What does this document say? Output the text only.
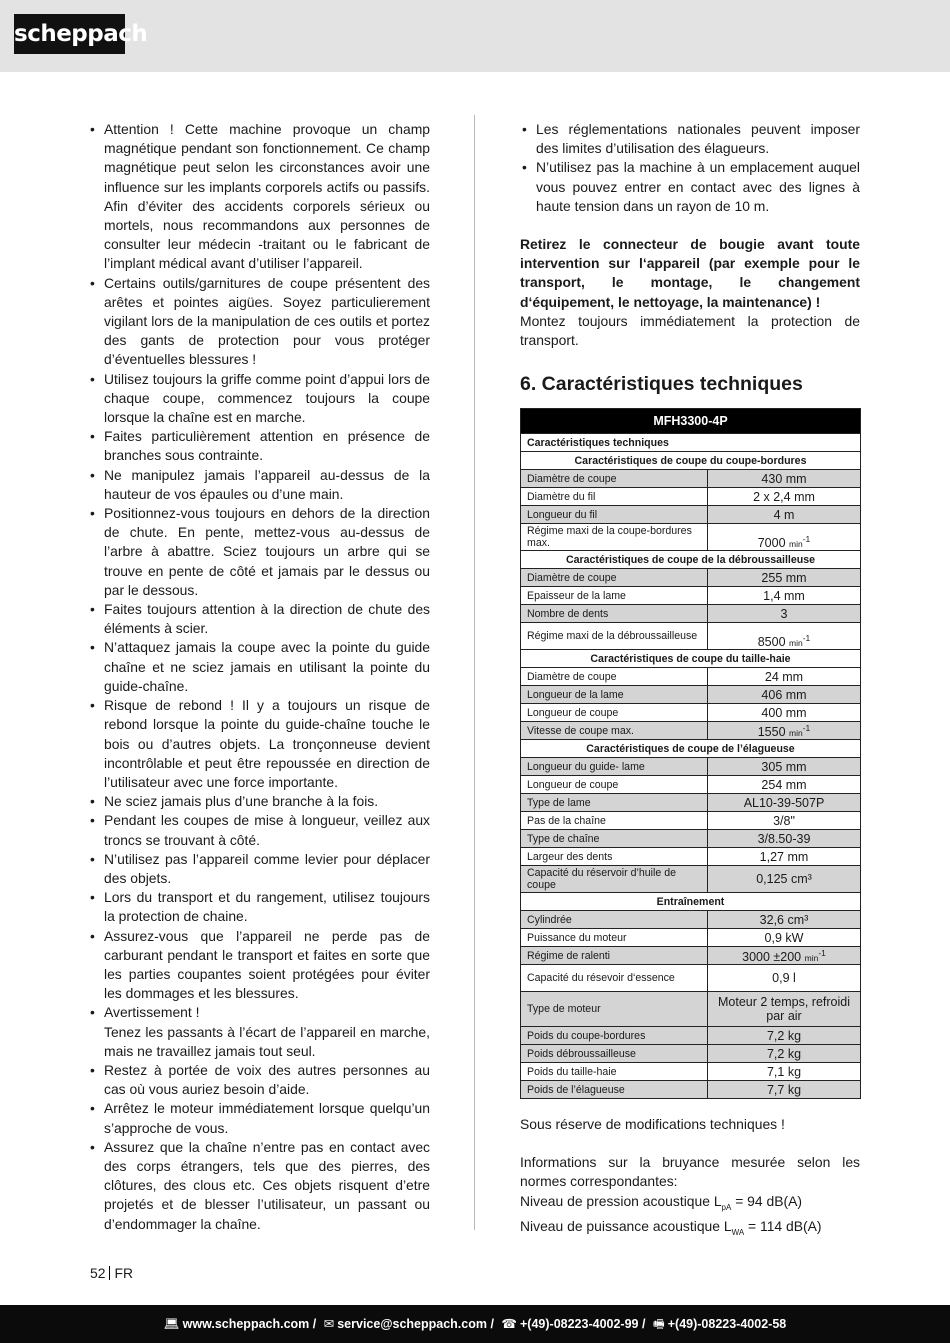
scheppach
• Attention ! Cette machine provoque un champ magnétique pendant son fonctionnement. Ce champ magnétique peut selon les circonstances avoir une influence sur les implants corporels actifs ou passifs. Afin d’éviter des accidents corporels sérieux ou mortels, nous recommandons aux personnes de consulter leur médecin -traitant ou le fabricant de l’implant médical avant d’utiliser l’appareil.
• Certains outils/garnitures de coupe présentent des arêtes et pointes aigües. Soyez particulierement vigilant lors de la manipulation de ces outils et portez des gants de protection pour vous protéger d’éventuelles blessures !
• Utilisez toujours la griffe comme point d’appui lors de chaque coupe, commencez toujours la coupe lorsque la chaîne est en marche.
• Faites particulièrement attention en présence de branches sous contrainte.
• Ne manipulez jamais l’appareil au-dessus de la hauteur de vos épaules ou d’une main.
• Positionnez-vous toujours en dehors de la direction de chute. En pente, mettez-vous au-dessus de l’arbre à abattre. Sciez toujours un arbre qui se trouve en pente de côté et jamais par le dessus ou par le dessous.
• Faites toujours attention à la direction de chute des éléments à scier.
• N’attaquez jamais la coupe avec la pointe du guide chaîne et ne sciez jamais en utilisant la pointe du guide-chaîne.
• Risque de rebond ! Il y a toujours un risque de rebond lorsque la pointe du guide-chaîne touche le bois ou d’autres objets. La tronçonneuse devient incontrôlable et peut être repoussée en direction de l’utilisateur avec une force importante.
• Ne sciez jamais plus d’une branche à la fois.
• Pendant les coupes de mise à longueur, veillez aux troncs se trouvant à côté.
• N’utilisez pas l’appareil comme levier pour déplacer des objets.
• Lors du transport et du rangement, utilisez toujours la protection de chaine.
• Assurez-vous que l’appareil ne perde pas de carburant pendant le transport et faites en sorte que les parties coupantes soient protégées pour éviter les dommages et les blessures.
• Avertissement !
Tenez les passants à l’écart de l’appareil en marche, mais ne travaillez jamais tout seul.
• Restez à portée de voix des autres personnes au cas où vous auriez besoin d’aide.
• Arrêtez le moteur immédiatement lorsque quelqu’un s’approche de vous.
• Assurez que la chaîne n’entre pas en contact avec des corps étrangers, tels que des pierres, des clôtures, des clous etc. Ces objets risquent d’etre projetés et de blesser l’utilisateur, un passant ou d’endommager la chaîne.
• Les réglementations nationales peuvent imposer des limites d’utilisation des élagueurs.
• N’utilisez pas la machine à un emplacement auquel vous pouvez entrer en contact avec des lignes à haute tension dans un rayon de 10 m.

Retirez le connecteur de bougie avant toute intervention sur l‘appareil (par exemple pour le transport, le montage, le changement d‘équipement, le nettoyage, la maintenance) !

Montez toujours immédiatement la protection de transport.

6. Caractéristiques techniques
MFH3300-4P	
Caractéristiques techniques	
Caractéristiques de coupe du coupe-bordures	
Diamètre de coupe	430 mm
Diamètre du fil	2 x 2,4 mm
Longueur du fil	4 m
Régime maxi de la coupe-bordures max.	7000 $\min^{-1}$
Caractéristiques de coupe de la débroussailleuse	
Diamètre de coupe	255 mm
Epaisseur de la lame	1,4 mm
Nombre de dents	3
Régime maxi de la débroussailleuse	8500 $\min^{-1}$
Caractéristiques de coupe du taille-haie	
Diamètre de coupe	24 mm
Longueur de la lame	406 mm
Longueur de coupe	400 mm
Vitesse de coupe max.	1550 $\min^{-1}$
Caractéristiques de coupe de l’élagueuse	
Longueur du guide- lame	305 mm
Longueur de coupe	254 mm
Type de lame	AL10-39-507P
Pas de la chaîne	3/8"
Type de chaîne	3/8.50-39
Largeur des dents	1,27 mm
Capacité du réservoir d’huile de coupe	0,125 cm³
Entraînement	
Cylindrée	32,6 cm³
Puissance du moteur	0,9 kW
Régime de ralenti	3000 ±200 $\min^{-1}$
Capacité du résevoir d‘essence	0,9 l
Type de moteur	Moteur 2 temps, refroidi par air
Poids du coupe-bordures	7,2 kg
Poids débroussailleuse	7,2 kg
Poids du taille-haie	7,1 kg
Poids de l’élagueuse	7,7 kg

Sous réserve de modifications techniques !

Informations sur la bruyance mesurée selon les normes correspondantes:

Niveau de pression acoustique $L_{pA} = 94$ dB(A)

Niveau de puissance acoustique $L_{WA} = 114$ dB(A)

52 FR
💻︎ www.scheppach.com / ✉︎ service@scheppach.com / ☎︎ +(49)-08223-4002-99 / 🖷︎ +(49)-08223-4002-58
